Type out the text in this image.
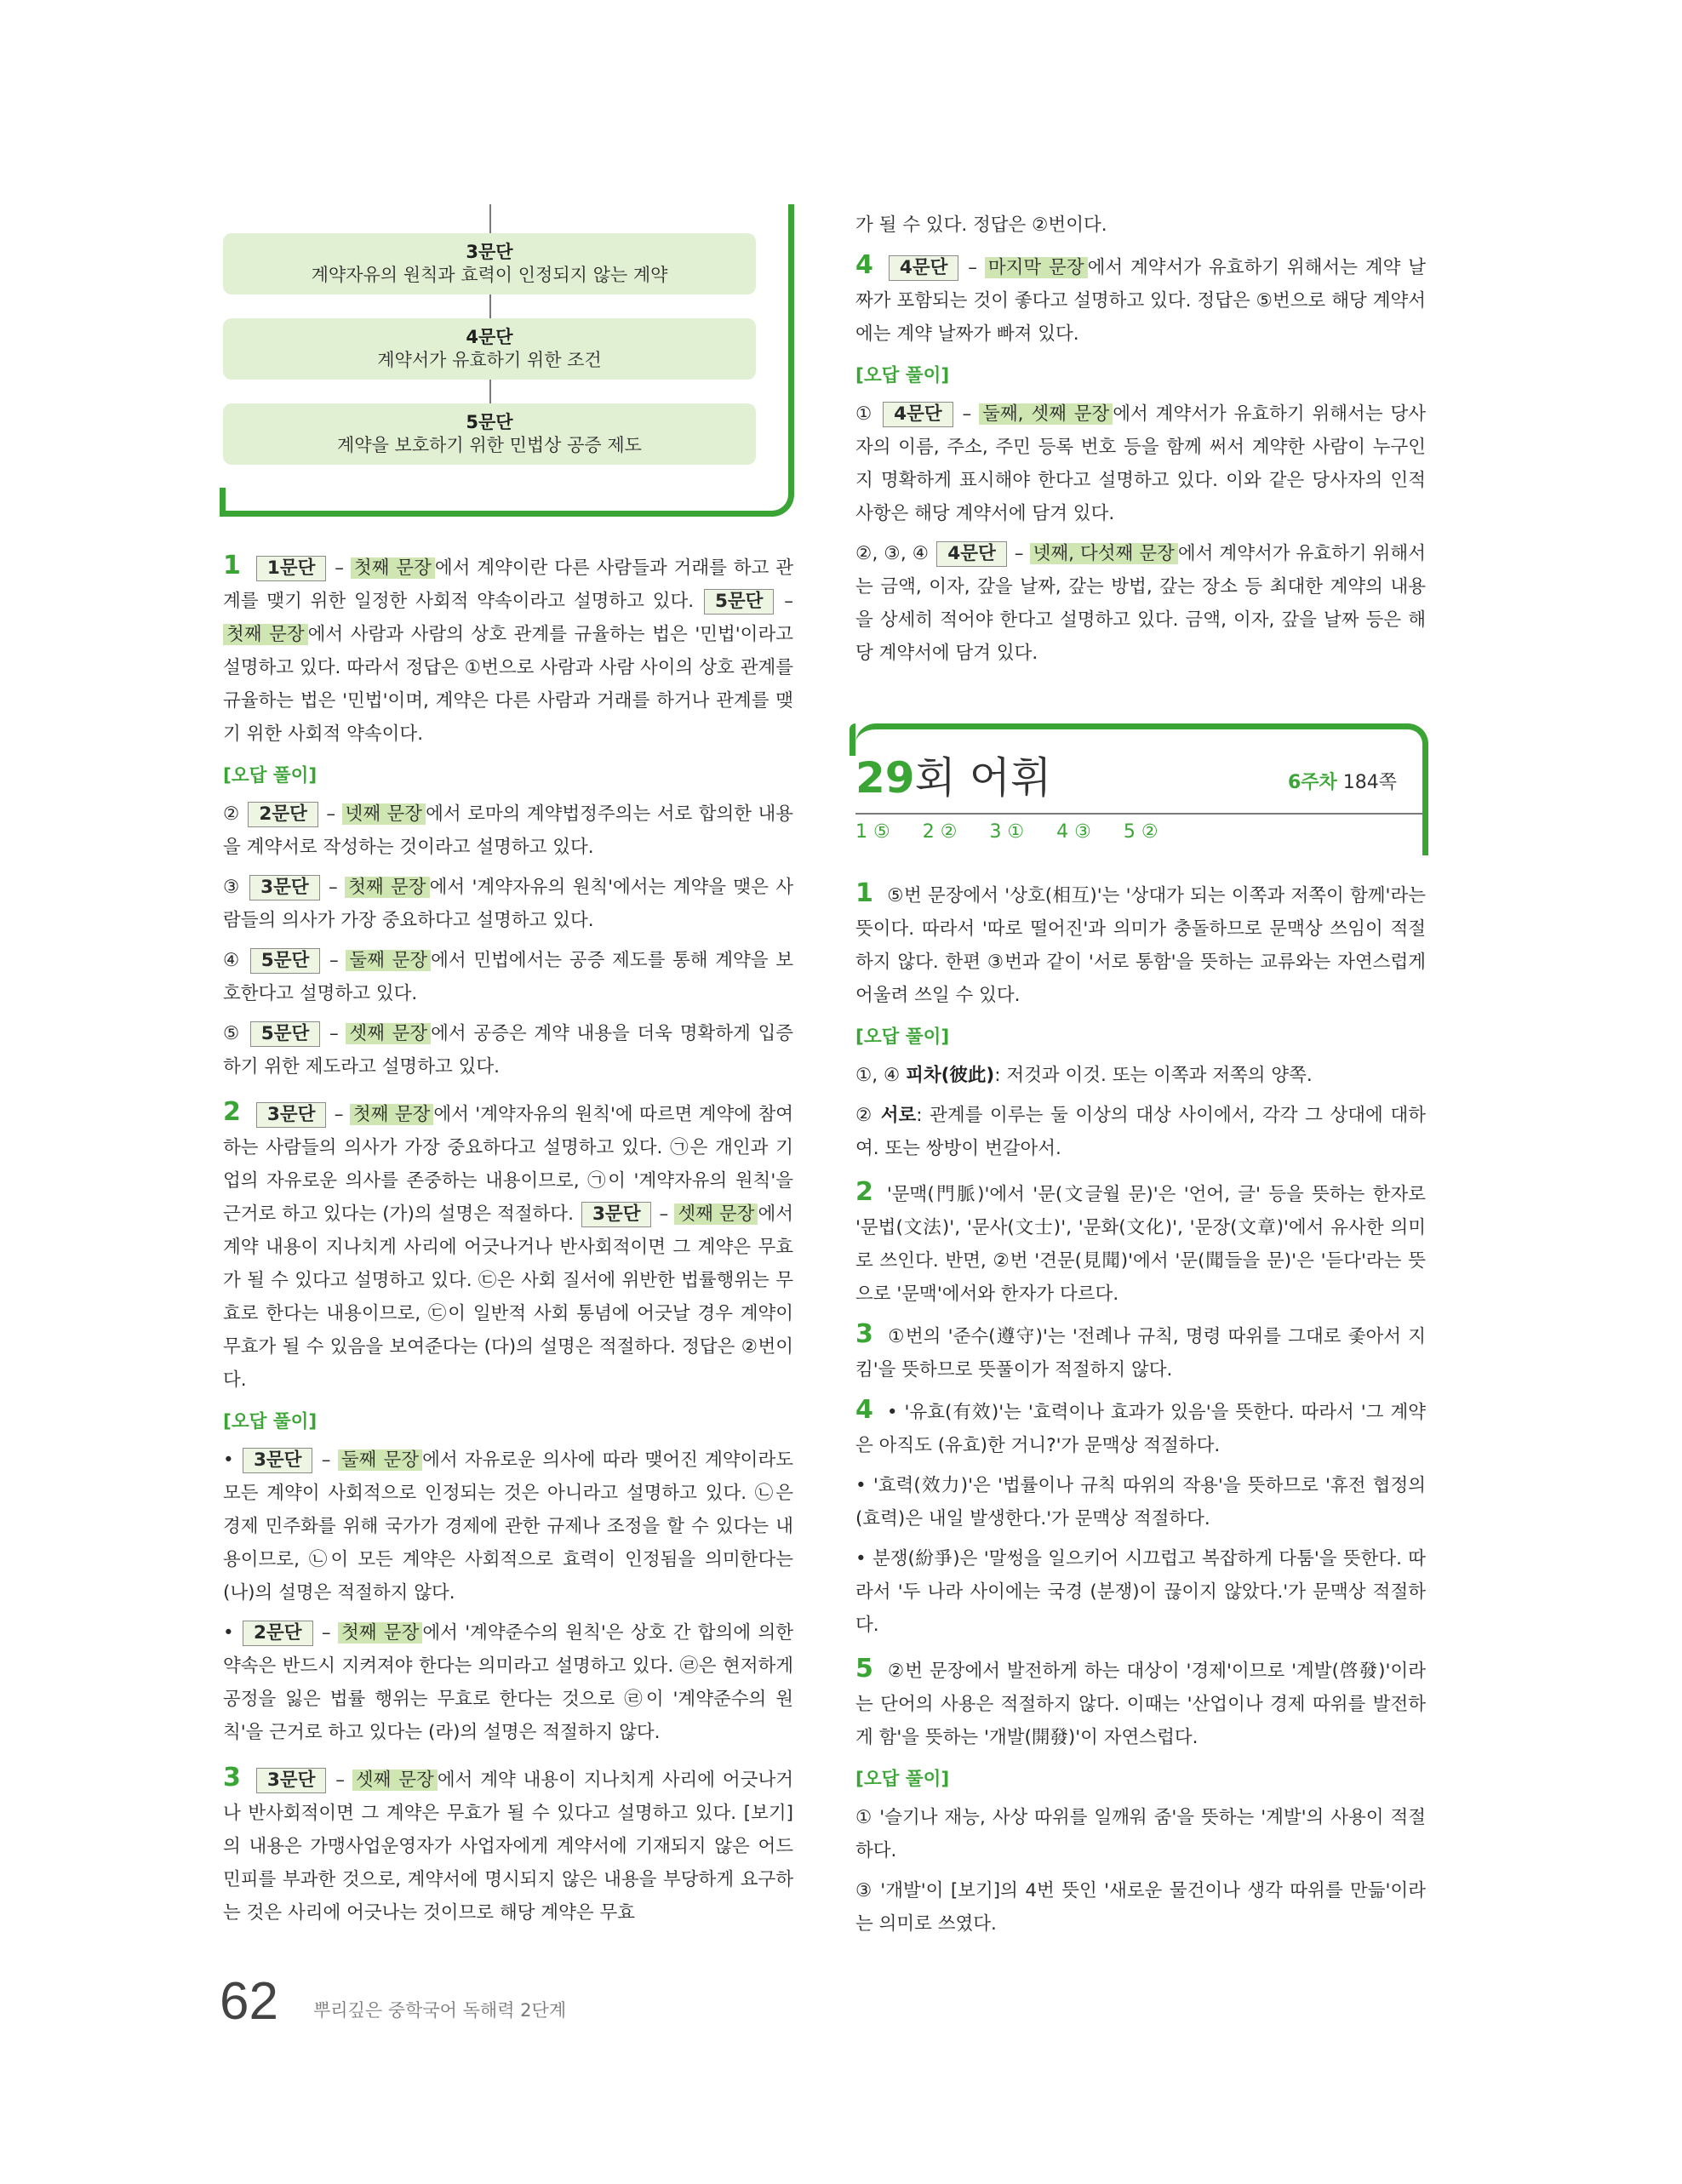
3문단
계약자유의 원칙과 효력이 인정되지 않는 계약
4문단
계약서가 유효하기 위한 조건
5문단
계약을 보호하기 위한 민법상 공증 제도

1 1문단 – 첫째 문장 에서 계약이란 다른 사람들과 거래를 하고 관계를 맺기 위한 일정한 사회적 약속이라고 설명하고 있다. 5문단 – 첫째 문장 에서 사람과 사람의 상호 관계를 규율하는 법은 '민법'이라고 설명하고 있다. 따라서 정답은 ①번으로 사람과 사람 사이의 상호 관계를 규율하는 법은 '민법'이며, 계약은 다른 사람과 거래를 하거나 관계를 맺기 위한 사회적 약속이다.

[오답 풀이]

② 2문단 – 넷째 문장 에서 로마의 계약법정주의는 서로 합의한 내용을 계약서로 작성하는 것이라고 설명하고 있다.

③ 3문단 – 첫째 문장 에서 '계약자유의 원칙'에서는 계약을 맺은 사람들의 의사가 가장 중요하다고 설명하고 있다.

④ 5문단 – 둘째 문장 에서 민법에서는 공증 제도를 통해 계약을 보호한다고 설명하고 있다.

⑤ 5문단 – 셋째 문장 에서 공증은 계약 내용을 더욱 명확하게 입증하기 위한 제도라고 설명하고 있다.

2 3문단 – 첫째 문장 에서 '계약자유의 원칙'에 따르면 계약에 참여하는 사람들의 의사가 가장 중요하다고 설명하고 있다. ㉠은 개인과 기업의 자유로운 의사를 존중하는 내용이므로, ㉠이 '계약자유의 원칙'을 근거로 하고 있다는 (가)의 설명은 적절하다. 3문단 – 셋째 문장 에서 계약 내용이 지나치게 사리에 어긋나거나 반사회적이면 그 계약은 무효가 될 수 있다고 설명하고 있다. ㉢은 사회 질서에 위반한 법률행위는 무효로 한다는 내용이므로, ㉢이 일반적 사회 통념에 어긋날 경우 계약이 무효가 될 수 있음을 보여준다는 (다)의 설명은 적절하다. 정답은 ②번이다.

[오답 풀이]

• 3문단 – 둘째 문장 에서 자유로운 의사에 따라 맺어진 계약이라도 모든 계약이 사회적으로 인정되는 것은 아니라고 설명하고 있다. ㉡은 경제 민주화를 위해 국가가 경제에 관한 규제나 조정을 할 수 있다는 내용이므로, ㉡이 모든 계약은 사회적으로 효력이 인정됨을 의미한다는 (나)의 설명은 적절하지 않다.

• 2문단 – 첫째 문장 에서 '계약준수의 원칙'은 상호 간 합의에 의한 약속은 반드시 지켜져야 한다는 의미라고 설명하고 있다. ㉣은 현저하게 공정을 잃은 법률 행위는 무효로 한다는 것으로 ㉣이 '계약준수의 원칙'을 근거로 하고 있다는 (라)의 설명은 적절하지 않다.

3 3문단 – 셋째 문장 에서 계약 내용이 지나치게 사리에 어긋나거나 반사회적이면 그 계약은 무효가 될 수 있다고 설명하고 있다. [보기]의 내용은 가맹사업운영자가 사업자에게 계약서에 기재되지 않은 어드민피를 부과한 것으로, 계약서에 명시되지 않은 내용을 부당하게 요구하는 것은 사리에 어긋나는 것이므로 해당 계약은 무효

가 될 수 있다. 정답은 ②번이다.

4 4문단 – 마지막 문장 에서 계약서가 유효하기 위해서는 계약 날짜가 포함되는 것이 좋다고 설명하고 있다. 정답은 ⑤번으로 해당 계약서에는 계약 날짜가 빠져 있다.

[오답 풀이]

① 4문단 – 둘째, 셋째 문장 에서 계약서가 유효하기 위해서는 당사자의 이름, 주소, 주민 등록 번호 등을 함께 써서 계약한 사람이 누구인지 명확하게 표시해야 한다고 설명하고 있다. 이와 같은 당사자의 인적 사항은 해당 계약서에 담겨 있다.

②, ③, ④ 4문단 – 넷째, 다섯째 문장 에서 계약서가 유효하기 위해서는 금액, 이자, 갚을 날짜, 갚는 방법, 갚는 장소 등 최대한 계약의 내용을 상세히 적어야 한다고 설명하고 있다. 금액, 이자, 갚을 날짜 등은 해당 계약서에 담겨 있다.

29회 어휘	6주차 184쪽
1 ⑤ 2 ② 3 ① 4 ③ 5 ②

1 ⑤번 문장에서 '상호(相互)'는 '상대가 되는 이쪽과 저쪽이 함께'라는 뜻이다. 따라서 '따로 떨어진'과 의미가 충돌하므로 문맥상 쓰임이 적절하지 않다. 한편 ③번과 같이 '서로 통함'을 뜻하는 교류와는 자연스럽게 어울려 쓰일 수 있다.

[오답 풀이]

①, ④ 피차(彼此): 저것과 이것. 또는 이쪽과 저쪽의 양쪽.

② 서로: 관계를 이루는 둘 이상의 대상 사이에서, 각각 그 상대에 대하여. 또는 쌍방이 번갈아서.

2 '문맥(門脈)'에서 '문(文글월 문)'은 '언어, 글' 등을 뜻하는 한자로 '문법(文法)', '문사(文士)', '문화(文化)', '문장(文章)'에서 유사한 의미로 쓰인다. 반면, ②번 '견문(見聞)'에서 '문(聞들을 문)'은 '듣다'라는 뜻으로 '문맥'에서와 한자가 다르다.

3 ①번의 '준수(遵守)'는 '전례나 규칙, 명령 따위를 그대로 좇아서 지킴'을 뜻하므로 뜻풀이가 적절하지 않다.

4 • '유효(有效)'는 '효력이나 효과가 있음'을 뜻한다. 따라서 '그 계약은 아직도 (유효)한 거니?'가 문맥상 적절하다.

• '효력(效力)'은 '법률이나 규칙 따위의 작용'을 뜻하므로 '휴전 협정의 (효력)은 내일 발생한다.'가 문맥상 적절하다.

• 분쟁(紛爭)은 '말썽을 일으키어 시끄럽고 복잡하게 다툼'을 뜻한다. 따라서 '두 나라 사이에는 국경 (분쟁)이 끊이지 않았다.'가 문맥상 적절하다.

5 ②번 문장에서 발전하게 하는 대상이 '경제'이므로 '계발(啓發)'이라는 단어의 사용은 적절하지 않다. 이때는 '산업이나 경제 따위를 발전하게 함'을 뜻하는 '개발(開發)'이 자연스럽다.

[오답 풀이]

① '슬기나 재능, 사상 따위를 일깨워 줌'을 뜻하는 '계발'의 사용이 적절하다.

③ '개발'이 [보기]의 4번 뜻인 '새로운 물건이나 생각 따위를 만듦'이라는 의미로 쓰였다.

62 뿌리깊은 중학국어 독해력 2단계
